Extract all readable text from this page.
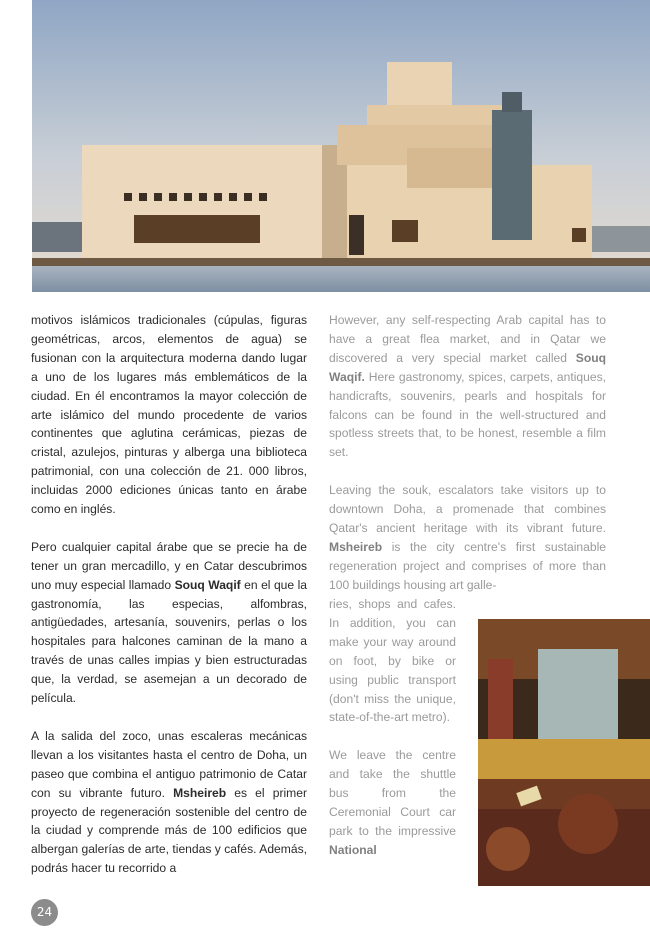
motivos islámicos tradicionales (cúpulas, figuras geométricas, arcos, elementos de agua) se fusionan con la arquitectura moderna dando lugar a uno de los lugares más emblemáticos de la ciudad. En él encontramos la mayor colección de arte islámico del mundo procedente de varios continentes que aglutina cerámicas, piezas de cristal, azulejos, pinturas y alberga una biblioteca patrimonial, con una colección de 21. 000 libros, incluidas 2000 ediciones únicas tanto en árabe como en inglés.

Pero cualquier capital árabe que se precie ha de tener un gran mercadillo, y en Catar descubrimos uno muy especial llamado Souq Waqif en el que la gastronomía, las especias, alfombras, antigüedades, artesanía, souvenirs, perlas o los hospitales para halcones caminan de la mano a través de unas calles impias y bien estructuradas que, la verdad, se asemejan a un decorado de película.

A la salida del zoco, unas escaleras mecánicas llevan a los visitantes hasta el centro de Doha, un paseo que combina el antiguo patrimonio de Catar con su vibrante futuro. Msheireb es el primer proyecto de regeneración sostenible del centro de la ciudad y comprende más de 100 edificios que albergan galerías de arte, tiendas y cafés. Además, podrás hacer tu recorrido a

However, any self-respecting Arab capital has to have a great flea market, and in Qatar we discovered a very special market called Souq Waqif. Here gastronomy, spices, carpets, antiques, handicrafts, souvenirs, pearls and hospitals for falcons can be found in the well-structured and spotless streets that, to be honest, resemble a film set.

Leaving the souk, escalators take visitors up to downtown Doha, a promenade that combines Qatar's ancient heritage with its vibrant future. Msheireb is the city centre's first sustainable regeneration project and comprises of more than 100 buildings housing art galle-

ries, shops and cafes. In addition, you can make your way around on foot, by bike or using public transport (don't miss the unique, state-of-the-art metro).

We leave the centre and take the shuttle bus from the Ceremonial Court car park to the impressive National

24
